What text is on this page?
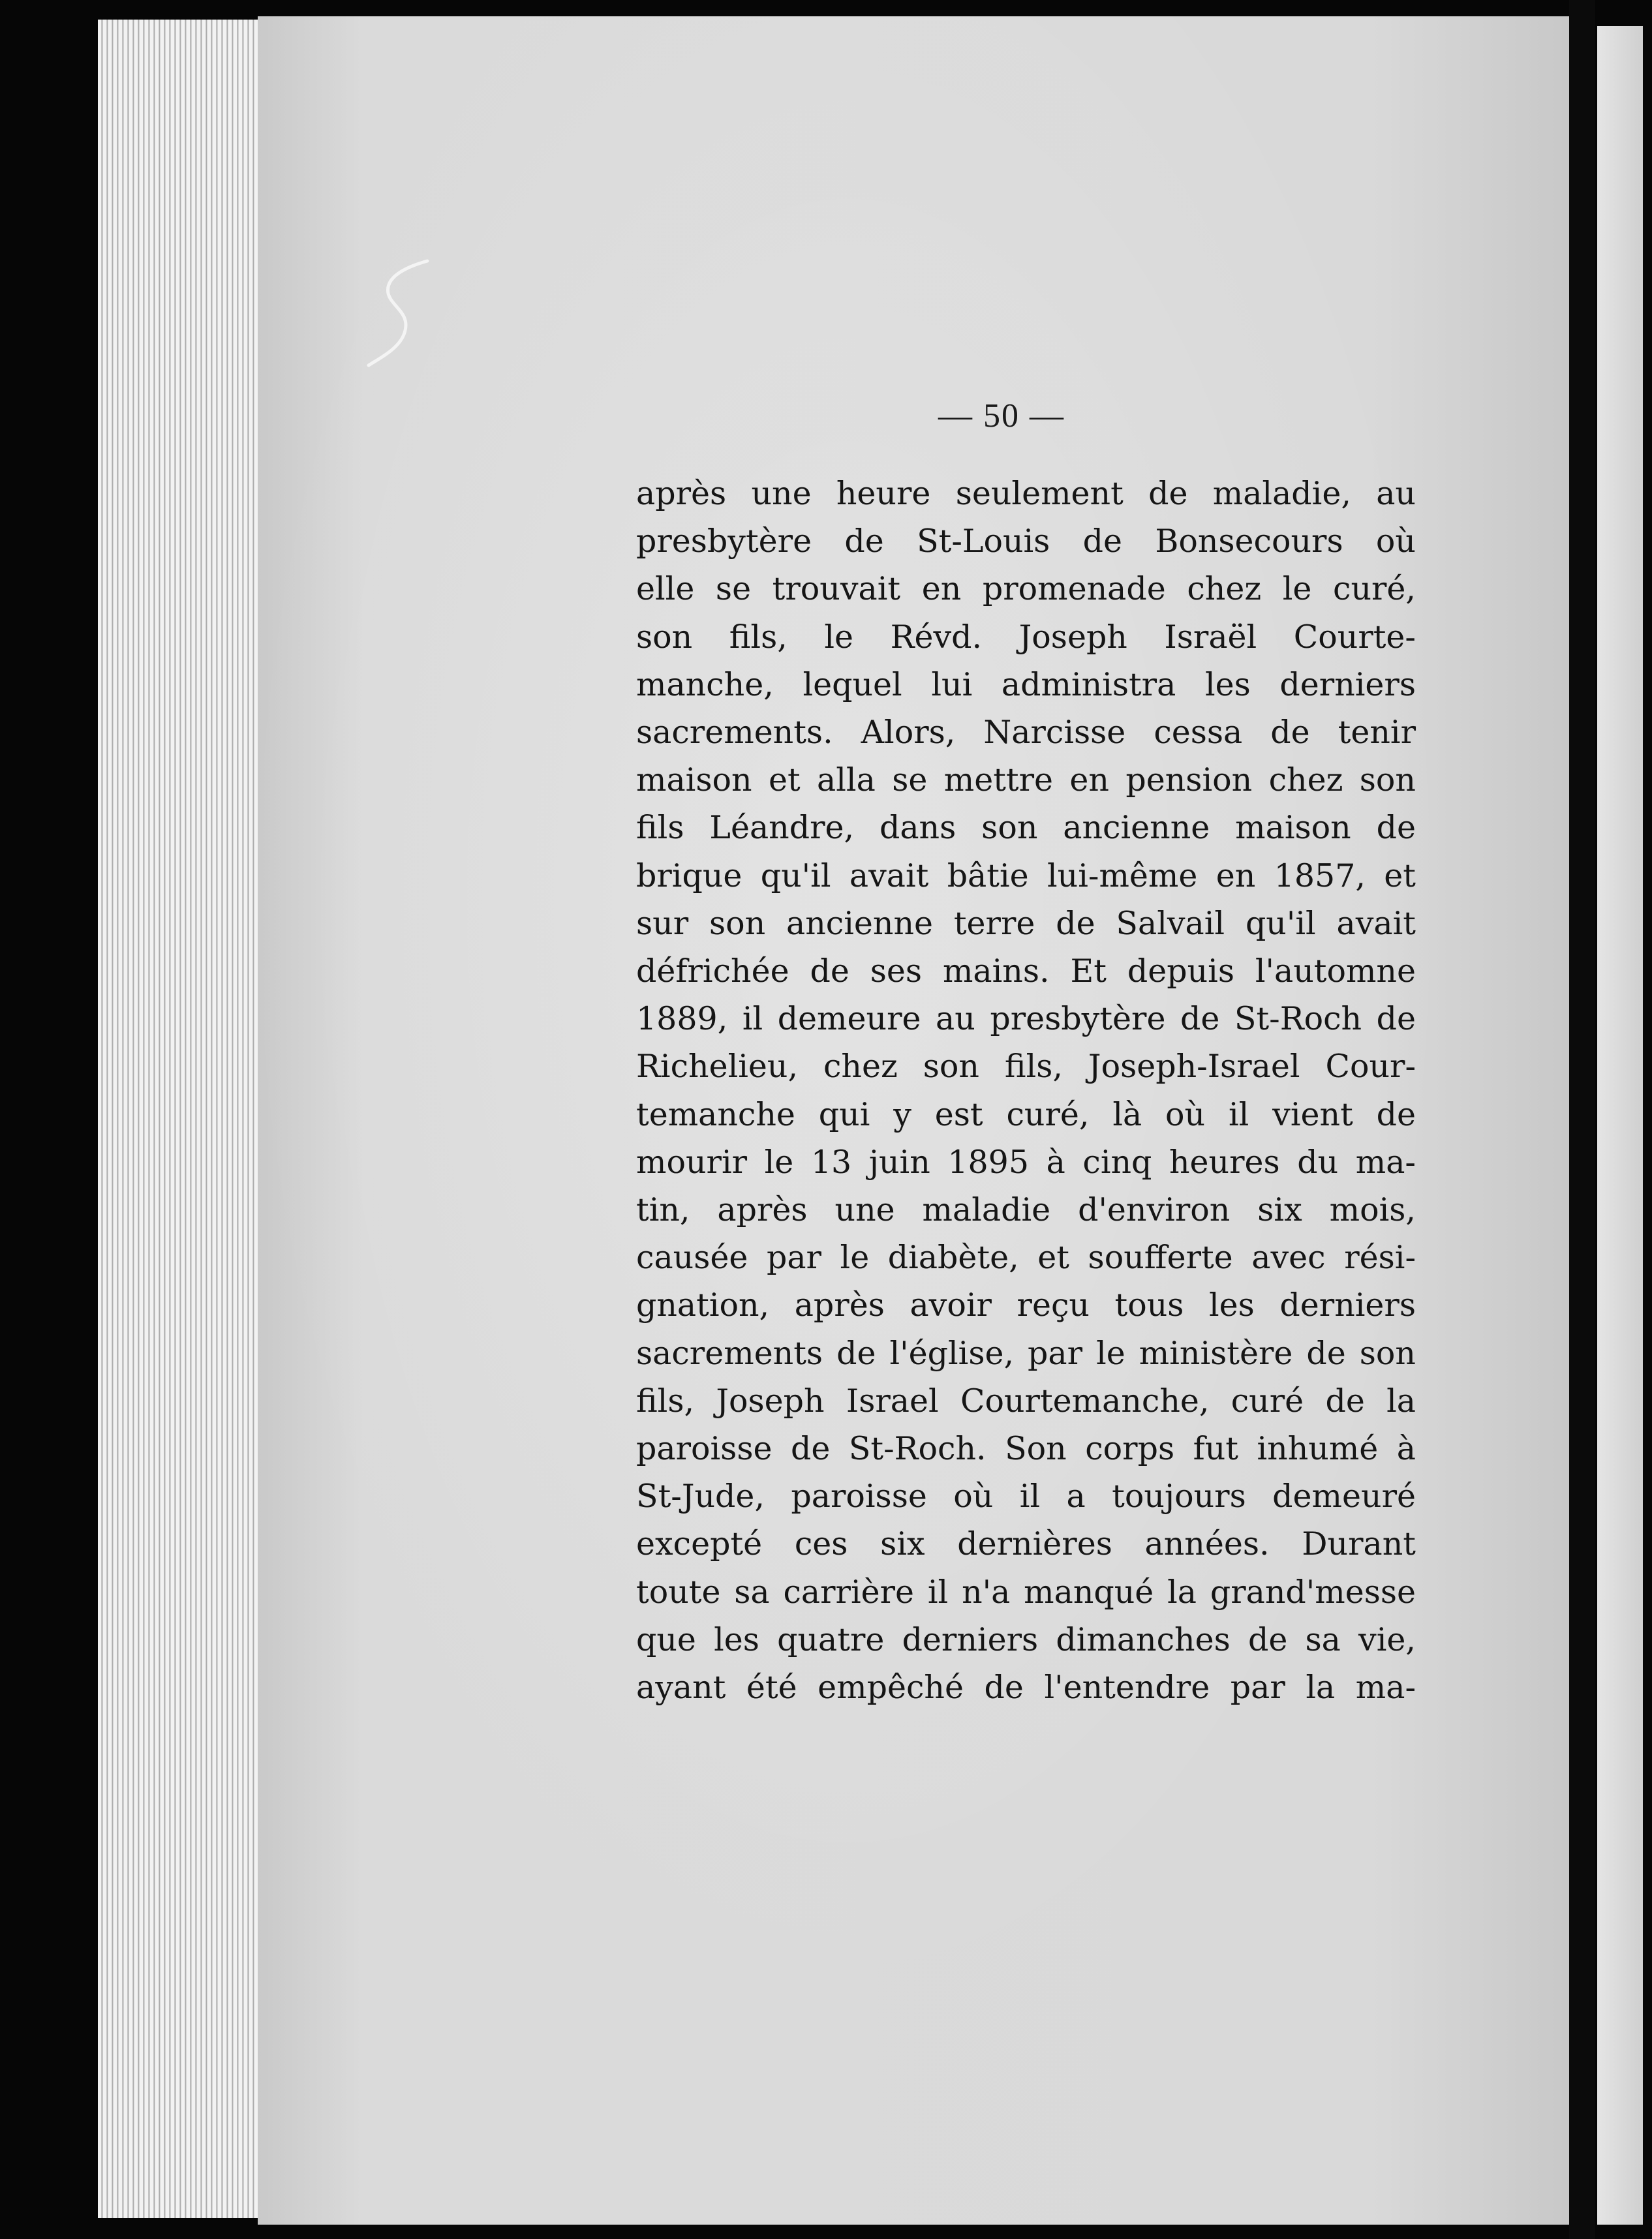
— 50 —
après une heure seulement de maladie, au
presbytère de St-Louis de Bonsecours où
elle se trouvait en promenade chez le curé,
son fils, le Révd. Joseph Israël Courte-
manche, lequel lui administra les derniers
sacrements. Alors, Narcisse cessa de tenir
maison et alla se mettre en pension chez son
fils Léandre, dans son ancienne maison de
brique qu'il avait bâtie lui-même en 1857, et
sur son ancienne terre de Salvail qu'il avait
défrichée de ses mains. Et depuis l'automne
1889, il demeure au presbytère de St-Roch de
Richelieu, chez son fils, Joseph-Israel Cour-
temanche qui y est curé, là où il vient de
mourir le 13 juin 1895 à cinq heures du ma-
tin, après une maladie d'environ six mois,
causée par le diabète, et soufferte avec rési-
gnation, après avoir reçu tous les derniers
sacrements de l'église, par le ministère de son
fils, Joseph Israel Courtemanche, curé de la
paroisse de St-Roch. Son corps fut inhumé à
St-Jude, paroisse où il a toujours demeuré
excepté ces six dernières années. Durant
toute sa carrière il n'a manqué la grand'messe
que les quatre derniers dimanches de sa vie,
ayant été empêché de l'entendre par la ma-
